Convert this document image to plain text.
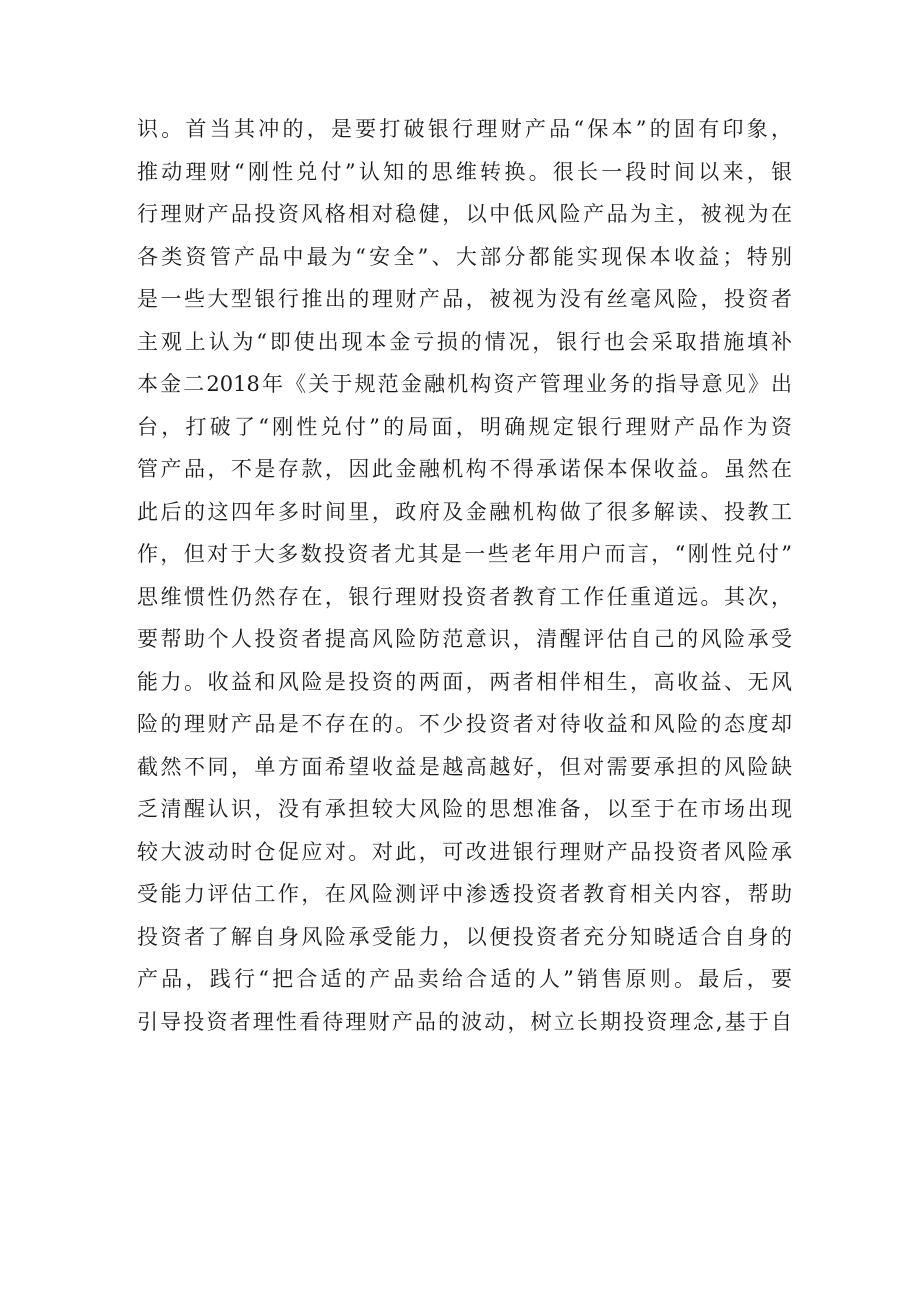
识。首当其冲的，是要打破银行理财产品“保本”的固有印象，
推动理财“刚性兑付”认知的思维转换。很长一段时间以来，银
行理财产品投资风格相对稳健，以中低风险产品为主，被视为在
各类资管产品中最为“安全”、大部分都能实现保本收益；特别
是一些大型银行推出的理财产品，被视为没有丝毫风险，投资者
主观上认为“即使出现本金亏损的情况，银行也会采取措施填补
本金二2018年《关于规范金融机构资产管理业务的指导意见》出
台，打破了“刚性兑付”的局面，明确规定银行理财产品作为资
管产品，不是存款，因此金融机构不得承诺保本保收益。虽然在
此后的这四年多时间里，政府及金融机构做了很多解读、投教工
作，但对于大多数投资者尤其是一些老年用户而言，“刚性兑付”
思维惯性仍然存在，银行理财投资者教育工作任重道远。其次，
要帮助个人投资者提高风险防范意识，清醒评估自己的风险承受
能力。收益和风险是投资的两面，两者相伴相生，高收益、无风
险的理财产品是不存在的。不少投资者对待收益和风险的态度却
截然不同，单方面希望收益是越高越好，但对需要承担的风险缺
乏清醒认识，没有承担较大风险的思想准备，以至于在市场出现
较大波动时仓促应对。对此，可改进银行理财产品投资者风险承
受能力评估工作，在风险测评中渗透投资者教育相关内容，帮助
投资者了解自身风险承受能力，以便投资者充分知晓适合自身的
产品，践行“把合适的产品卖给合适的人”销售原则。最后，要
引导投资者理性看待理财产品的波动，树立长期投资理念,基于自
